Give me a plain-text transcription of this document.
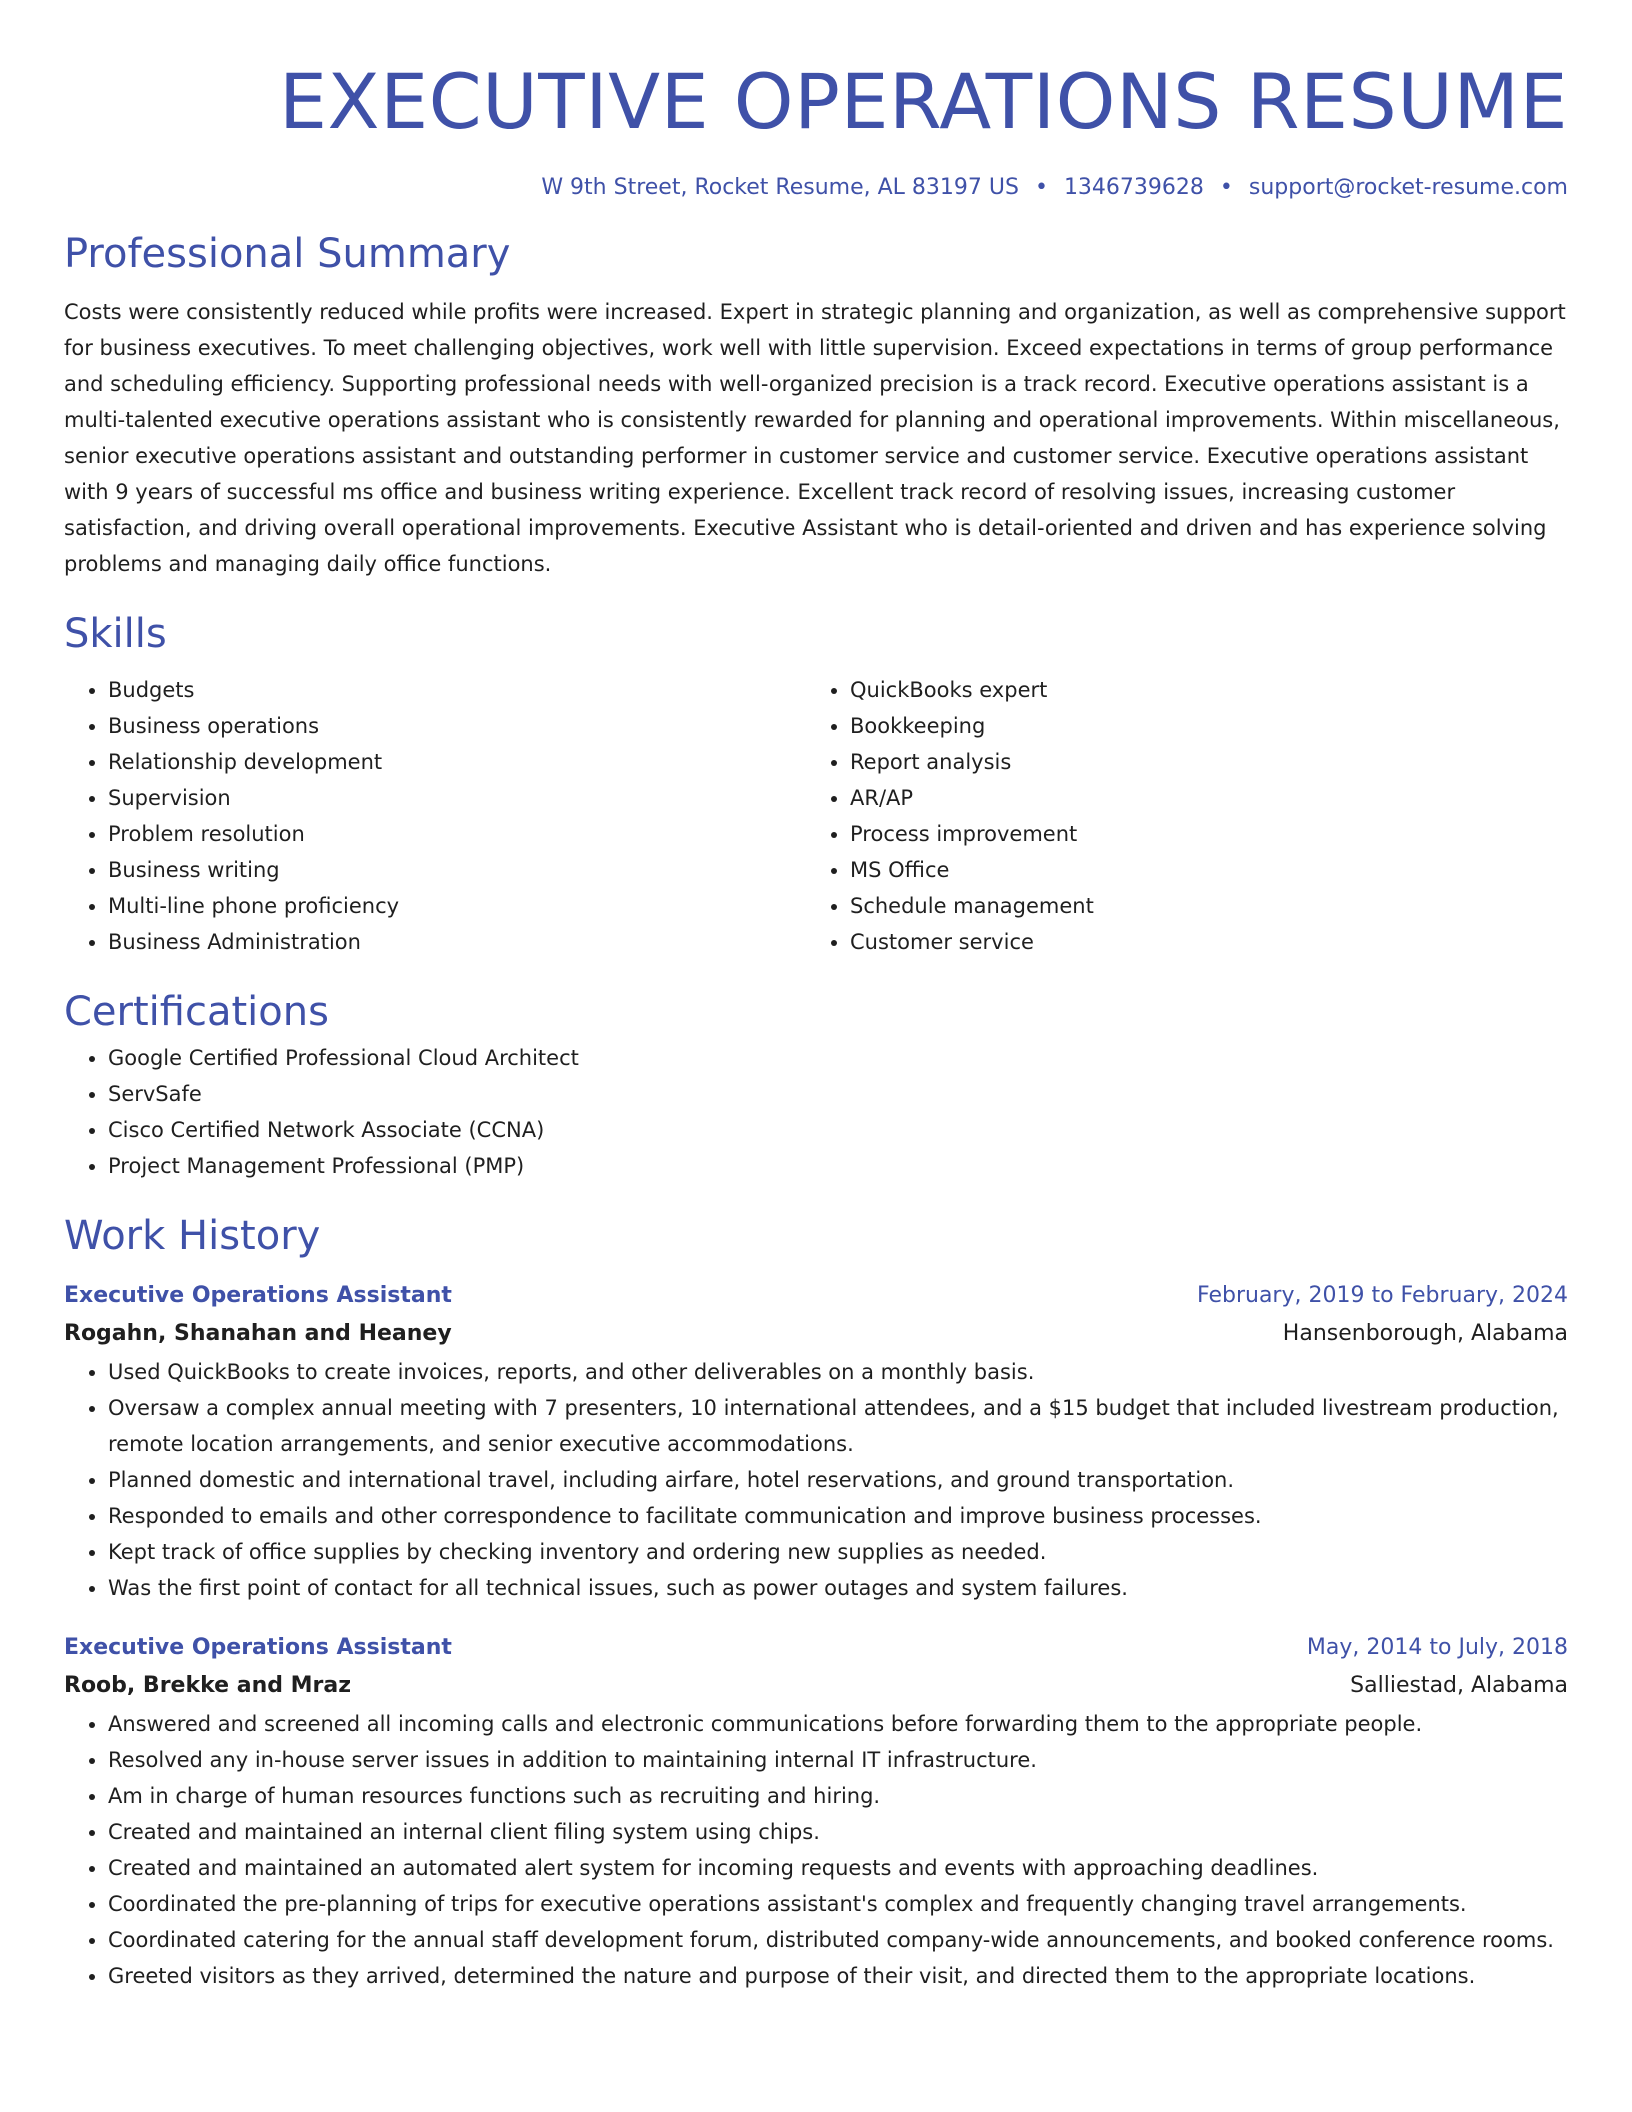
EXECUTIVE OPERATIONS RESUME
W 9th Street, Rocket Resume, AL 83197 US • 1346739628 • support@rocket-resume.com
Professional Summary

Costs were consistently reduced while profits were increased. Expert in strategic planning and organization, as well as comprehensive support for business executives. To meet challenging objectives, work well with little supervision. Exceed expectations in terms of group performance and scheduling efficiency. Supporting professional needs with well-organized precision is a track record. Executive operations assistant is a multi-talented executive operations assistant who is consistently rewarded for planning and operational improvements. Within miscellaneous, senior executive operations assistant and outstanding performer in customer service and customer service. Executive operations assistant with 9 years of successful ms office and business writing experience. Excellent track record of resolving issues, increasing customer satisfaction, and driving overall operational improvements. Executive Assistant who is detail-oriented and driven and has experience solving problems and managing daily office functions.

Skills
• Budgets
• Business operations
• Relationship development
• Supervision
• Problem resolution
• Business writing
• Multi-line phone proficiency
• Business Administration
• QuickBooks expert
• Bookkeeping
• Report analysis
• AR/AP
• Process improvement
• MS Office
• Schedule management
• Customer service
Certifications
• Google Certified Professional Cloud Architect
• ServSafe
• Cisco Certified Network Associate (CCNA)
• Project Management Professional (PMP)
Work History
Executive Operations Assistant	February, 2019 to February, 2024
Rogahn, Shanahan and Heaney	Hansenborough, Alabama
• Used QuickBooks to create invoices, reports, and other deliverables on a monthly basis.
• Oversaw a complex annual meeting with 7 presenters, 10 international attendees, and a $15 budget that included livestream production, remote location arrangements, and senior executive accommodations.
• Planned domestic and international travel, including airfare, hotel reservations, and ground transportation.
• Responded to emails and other correspondence to facilitate communication and improve business processes.
• Kept track of office supplies by checking inventory and ordering new supplies as needed.
• Was the first point of contact for all technical issues, such as power outages and system failures.
Executive Operations Assistant	May, 2014 to July, 2018
Roob, Brekke and Mraz	Salliestad, Alabama
• Answered and screened all incoming calls and electronic communications before forwarding them to the appropriate people.
• Resolved any in-house server issues in addition to maintaining internal IT infrastructure.
• Am in charge of human resources functions such as recruiting and hiring.
• Created and maintained an internal client filing system using chips.
• Created and maintained an automated alert system for incoming requests and events with approaching deadlines.
• Coordinated the pre-planning of trips for executive operations assistant's complex and frequently changing travel arrangements.
• Coordinated catering for the annual staff development forum, distributed company-wide announcements, and booked conference rooms.
• Greeted visitors as they arrived, determined the nature and purpose of their visit, and directed them to the appropriate locations.
